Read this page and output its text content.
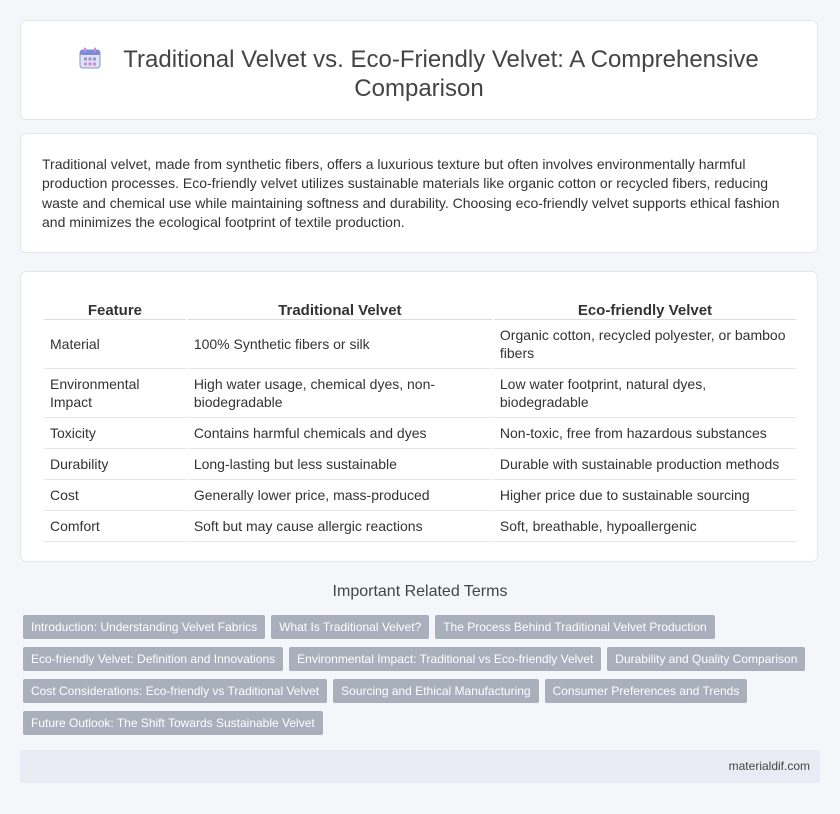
Traditional Velvet vs. Eco-Friendly Velvet: A Comprehensive Comparison

Traditional velvet, made from synthetic fibers, offers a luxurious texture but often involves environmentally harmful production processes. Eco-friendly velvet utilizes sustainable materials like organic cotton or recycled fibers, reducing waste and chemical use while maintaining softness and durability. Choosing eco-friendly velvet supports ethical fashion and minimizes the ecological footprint of textile production.

Feature	Traditional Velvet	Eco-friendly Velvet
Material	100% Synthetic fibers or silk	Organic cotton, recycled polyester, or bamboo fibers
Environmental Impact	High water usage, chemical dyes, non-biodegradable	Low water footprint, natural dyes, biodegradable
Toxicity	Contains harmful chemicals and dyes	Non-toxic, free from hazardous substances
Durability	Long-lasting but less sustainable	Durable with sustainable production methods
Cost	Generally lower price, mass-produced	Higher price due to sustainable sourcing
Comfort	Soft but may cause allergic reactions	Soft, breathable, hypoallergenic
Important Related Terms
Introduction: Understanding Velvet Fabrics	What Is Traditional Velvet?	The Process Behind Traditional Velvet Production
Eco-friendly Velvet: Definition and Innovations	Environmental Impact: Traditional vs Eco-friendly Velvet	Durability and Quality Comparison
Cost Considerations: Eco-friendly vs Traditional Velvet	Sourcing and Ethical Manufacturing	Consumer Preferences and Trends
Future Outlook: The Shift Towards Sustainable Velvet
materialdif.com
